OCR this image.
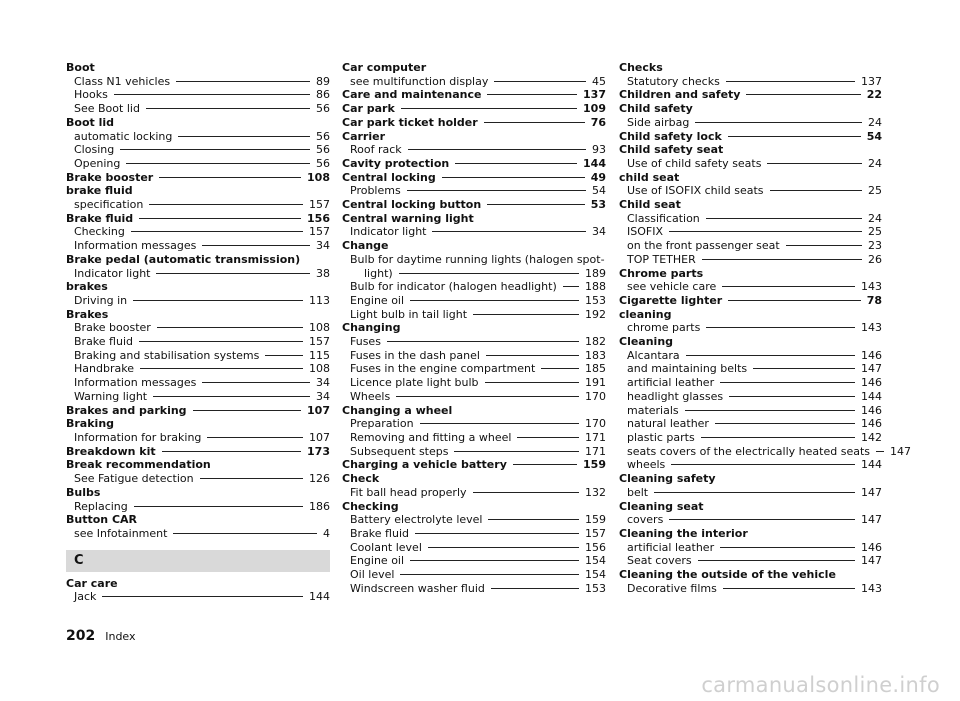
Boot
Class N1 vehicles	89
Hooks	86
See Boot lid	56
Boot lid
automatic locking	56
Closing	56
Opening	56
Brake booster	108
brake fluid
specification	157
Brake fluid	156
Checking	157
Information messages	34
Brake pedal (automatic transmission)
Indicator light	38
brakes
Driving in	113
Brakes
Brake booster	108
Brake fluid	157
Braking and stabilisation systems	115
Handbrake	108
Information messages	34
Warning light	34
Brakes and parking	107
Braking
Information for braking	107
Breakdown kit	173
Break recommendation
See Fatigue detection	126
Bulbs
Replacing	186
Button CAR
see Infotainment	4
C
Car care
Jack	144
Car computer
see multifunction display	45
Care and maintenance	137
Car park	109
Car park ticket holder	76
Carrier
Roof rack	93
Cavity protection	144
Central locking	49
Problems	54
Central locking button	53
Central warning light
Indicator light	34
Change
Bulb for daytime running lights (halogen spot-
light)	189
Bulb for indicator (halogen headlight)	188
Engine oil	153
Light bulb in tail light	192
Changing
Fuses	182
Fuses in the dash panel	183
Fuses in the engine compartment	185
Licence plate light bulb	191
Wheels	170
Changing a wheel
Preparation	170
Removing and fitting a wheel	171
Subsequent steps	171
Charging a vehicle battery	159
Check
Fit ball head properly	132
Checking
Battery electrolyte level	159
Brake fluid	157
Coolant level	156
Engine oil	154
Oil level	154
Windscreen washer fluid	153
Checks
Statutory checks	137
Children and safety	22
Child safety
Side airbag	24
Child safety lock	54
Child safety seat
Use of child safety seats	24
child seat
Use of ISOFIX child seats	25
Child seat
Classification	24
ISOFIX	25
on the front passenger seat	23
TOP TETHER	26
Chrome parts
see vehicle care	143
Cigarette lighter	78
cleaning
chrome parts	143
Cleaning
Alcantara	146
and maintaining belts	147
artificial leather	146
headlight glasses	144
materials	146
natural leather	146
plastic parts	142
seats covers of the electrically heated seats 147
wheels	144
Cleaning safety
belt	147
Cleaning seat
covers	147
Cleaning the interior
artificial leather	146
Seat covers	147
Cleaning the outside of the vehicle
Decorative films	143
202 Index
carmanualsonline.info
